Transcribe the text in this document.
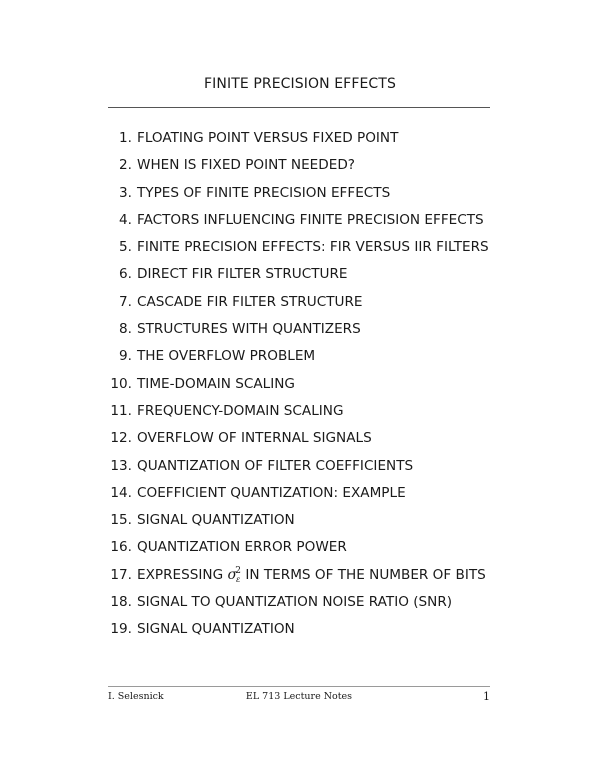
FINITE PRECISION EFFECTS
1. FLOATING POINT VERSUS FIXED POINT
2. WHEN IS FIXED POINT NEEDED?
3. TYPES OF FINITE PRECISION EFFECTS
4. FACTORS INFLUENCING FINITE PRECISION EFFECTS
5. FINITE PRECISION EFFECTS: FIR VERSUS IIR FILTERS
6. DIRECT FIR FILTER STRUCTURE
7. CASCADE FIR FILTER STRUCTURE
8. STRUCTURES WITH QUANTIZERS
9. THE OVERFLOW PROBLEM
10. TIME-DOMAIN SCALING
11. FREQUENCY-DOMAIN SCALING
12. OVERFLOW OF INTERNAL SIGNALS
13. QUANTIZATION OF FILTER COEFFICIENTS
14. COEFFICIENT QUANTIZATION: EXAMPLE
15. SIGNAL QUANTIZATION
16. QUANTIZATION ERROR POWER
17. EXPRESSING $\sigma_\varepsilon^2$ IN TERMS OF THE NUMBER OF BITS
18. SIGNAL TO QUANTIZATION NOISE RATIO (SNR)
19. SIGNAL QUANTIZATION
I. Selesnick	EL 713 Lecture Notes	1
